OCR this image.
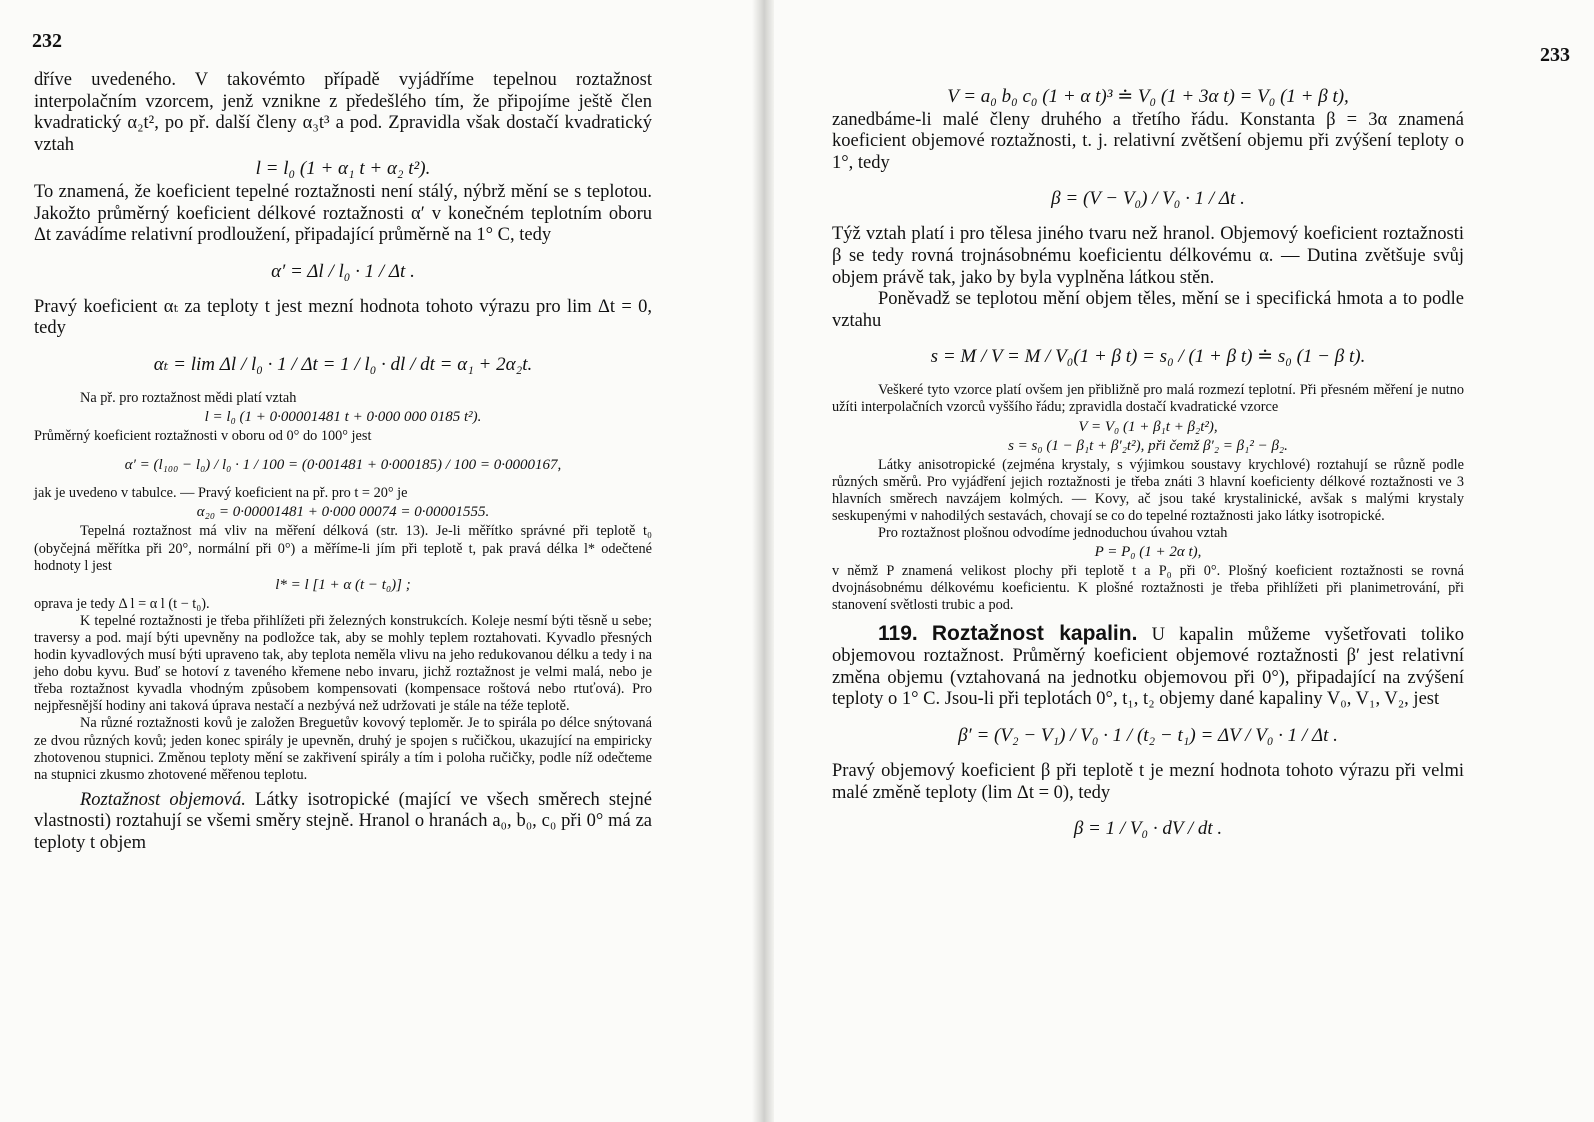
232

dříve uvedeného. V takovémto případě vyjádříme tepelnou roztažnost interpolačním vzorcem, jenž vznikne z předešlého tím, že připojíme ještě člen kvadratický α₂t², po př. další členy α₃t³ a pod. Zpravidla však dostačí kvadratický vztah

l = l₀ (1 + α₁ t + α₂ t²).

To znamená, že koeficient tepelné roztažnosti není stálý, nýbrž mění se s teplotou. Jakožto průměrný koeficient délkové roztažnosti α′ v konečném teplotním oboru Δt zavádíme relativní prodloužení, připadající průměrně na 1° C, tedy

α′ = Δl / l₀ · 1 / Δt .

Pravý koeficient αₜ za teploty t jest mezní hodnota tohoto výrazu pro lim Δt = 0, tedy

αₜ = lim Δl / l₀ · 1 / Δt = 1 / l₀ · dl / dt = α₁ + 2α₂t.

Na př. pro roztažnost mědi platí vztah

l = l₀ (1 + 0·00001481 t + 0·000 000 0185 t²).

Průměrný koeficient roztažnosti v oboru od 0° do 100° jest

α′ = (l₁₀₀ − l₀) / l₀ · 1 / 100 = (0·001481 + 0·000185) / 100 = 0·0000167,

jak je uvedeno v tabulce. — Pravý koeficient na př. pro t = 20° je

α₂₀ = 0·00001481 + 0·000 00074 = 0·00001555.

Tepelná roztažnost má vliv na měření délková (str. 13). Je-li měřítko správné při teplotě t₀ (obyčejná měřítka při 20°, normální při 0°) a měříme-li jím při teplotě t, pak pravá délka l* odečtené hodnoty l jest

l* = l [1 + α (t − t₀)] ;

oprava je tedy Δ l = α l (t − t₀).

K tepelné roztažnosti je třeba přihlížeti při železných konstrukcích. Koleje nesmí býti těsně u sebe; traversy a pod. mají býti upevněny na podložce tak, aby se mohly teplem roztahovati. Kyvadlo přesných hodin kyvadlových musí býti upraveno tak, aby teplota neměla vlivu na jeho redukovanou délku a tedy i na jeho dobu kyvu. Buď se hotoví z taveného křemene nebo invaru, jichž roztažnost je velmi malá, nebo je třeba roztažnost kyvadla vhodným způsobem kompensovati (kompensace roštová nebo rtuťová). Pro nejpřesnější hodiny ani taková úprava nestačí a nezbývá než udržovati je stále na téže teplotě.

Na různé roztažnosti kovů je založen Breguetův kovový teploměr. Je to spirála po délce snýtovaná ze dvou různých kovů; jeden konec spirály je upevněn, druhý je spojen s ručičkou, ukazující na empiricky zhotovenou stupnici. Změnou teploty mění se zakřivení spirály a tím i poloha ručičky, podle níž odečteme na stupnici zkusmo zhotovené měřenou teplotu.

Roztažnost objemová. Látky isotropické (mající ve všech směrech stejné vlastnosti) roztahují se všemi směry stejně. Hranol o hranách a₀, b₀, c₀ při 0° má za teploty t objem

233

V = a₀ b₀ c₀ (1 + α t)³ ≐ V₀ (1 + 3α t) = V₀ (1 + β t),

zanedbáme-li malé členy druhého a třetího řádu. Konstanta β = 3α znamená koeficient objemové roztažnosti, t. j. relativní zvětšení objemu při zvýšení teploty o 1°, tedy

β = (V − V₀) / V₀ · 1 / Δt .

Týž vztah platí i pro tělesa jiného tvaru než hranol. Objemový koeficient roztažnosti β se tedy rovná trojnásobnému koeficientu délkovému α. — Dutina zvětšuje svůj objem právě tak, jako by byla vyplněna látkou stěn.

Poněvadž se teplotou mění objem těles, mění se i specifická hmota a to podle vztahu

s = M / V = M / V₀(1 + β t) = s₀ / (1 + β t) ≐ s₀ (1 − β t).

Veškeré tyto vzorce platí ovšem jen přibližně pro malá rozmezí teplotní. Při přesném měření je nutno užíti interpolačních vzorců vyššího řádu; zpravidla dostačí kvadratické vzorce

V = V₀ (1 + β₁t + β₂t²),

s = s₀ (1 − β₁t + β′₂t²), při čemž β′₂ = β₁² − β₂.

Látky anisotropické (zejména krystaly, s výjimkou soustavy krychlové) roztahují se různě podle různých směrů. Pro vyjádření jejich roztažnosti je třeba znáti 3 hlavní koeficienty délkové roztažnosti ve 3 hlavních směrech navzájem kolmých. — Kovy, ač jsou také krystalinické, avšak s malými krystaly seskupenými v nahodilých sestavách, chovají se co do tepelné roztažnosti jako látky isotropické.

Pro roztažnost plošnou odvodíme jednoduchou úvahou vztah

P = P₀ (1 + 2α t),

v němž P znamená velikost plochy při teplotě t a P₀ při 0°. Plošný koeficient roztažnosti se rovná dvojnásobnému délkovému koeficientu. K plošné roztažnosti je třeba přihlížeti při planimetrování, při stanovení světlosti trubic a pod.

119. Roztažnost kapalin. U kapalin můžeme vyšetřovati toliko objemovou roztažnost. Průměrný koeficient objemové roztažnosti β′ jest relativní změna objemu (vztahovaná na jednotku objemovou při 0°), připadající na zvýšení teploty o 1° C. Jsou-li při teplotách 0°, t₁, t₂ objemy dané kapaliny V₀, V₁, V₂, jest

β′ = (V₂ − V₁) / V₀ · 1 / (t₂ − t₁) = ΔV / V₀ · 1 / Δt .

Pravý objemový koeficient β při teplotě t je mezní hodnota tohoto výrazu při velmi malé změně teploty (lim Δt = 0), tedy

β = 1 / V₀ · dV / dt .
